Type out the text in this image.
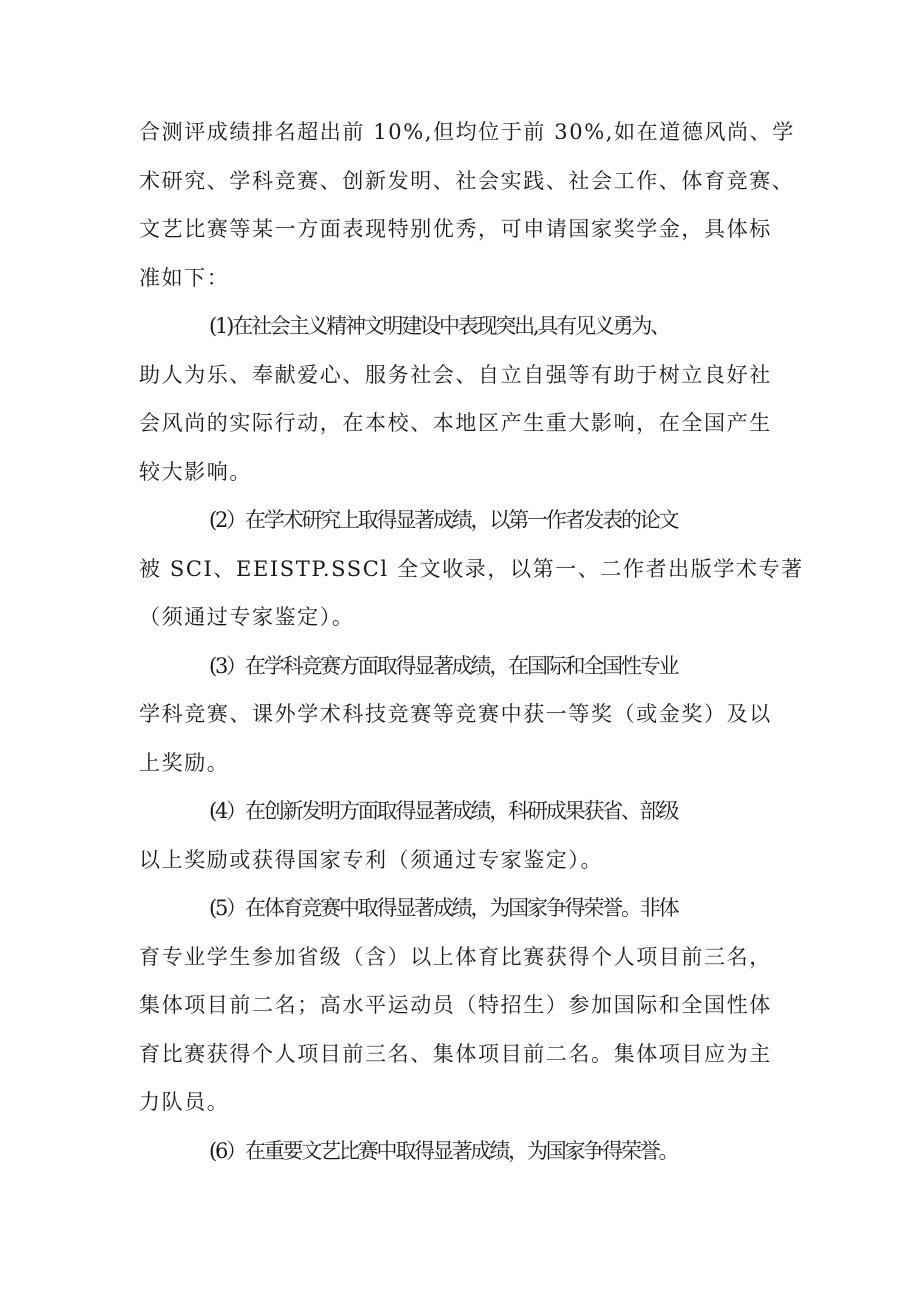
合测评成绩排名超出前 10%,但均位于前 30%,如在道德风尚、学
术研究、学科竞赛、创新发明、社会实践、社会工作、体育竞赛、
文艺比赛等某一方面表现特别优秀，可申请国家奖学金，具体标
准如下：
(1)在社会主义精神文明建设中表现突出,具有见义勇为、
助人为乐、奉献爱心、服务社会、自立自强等有助于树立良好社
会风尚的实际行动，在本校、本地区产生重大影响，在全国产生
较大影响。
(2）在学术研究上取得显著成绩，以第一作者发表的论文
被 SCI、EEISTP.SSCl 全文收录，以第一、二作者出版学术专著
（须通过专家鉴定）。
(3）在学科竞赛方面取得显著成绩，在国际和全国性专业
学科竞赛、课外学术科技竞赛等竞赛中获一等奖（或金奖）及以
上奖励。
(4）在创新发明方面取得显著成绩，科研成果获省、部级
以上奖励或获得国家专利（须通过专家鉴定）。
(5）在体育竞赛中取得显著成绩，为国家争得荣誉。非体
育专业学生参加省级（含）以上体育比赛获得个人项目前三名，
集体项目前二名；高水平运动员（特招生）参加国际和全国性体
育比赛获得个人项目前三名、集体项目前二名。集体项目应为主
力队员。
(6）在重要文艺比赛中取得显著成绩，为国家争得荣誉。
